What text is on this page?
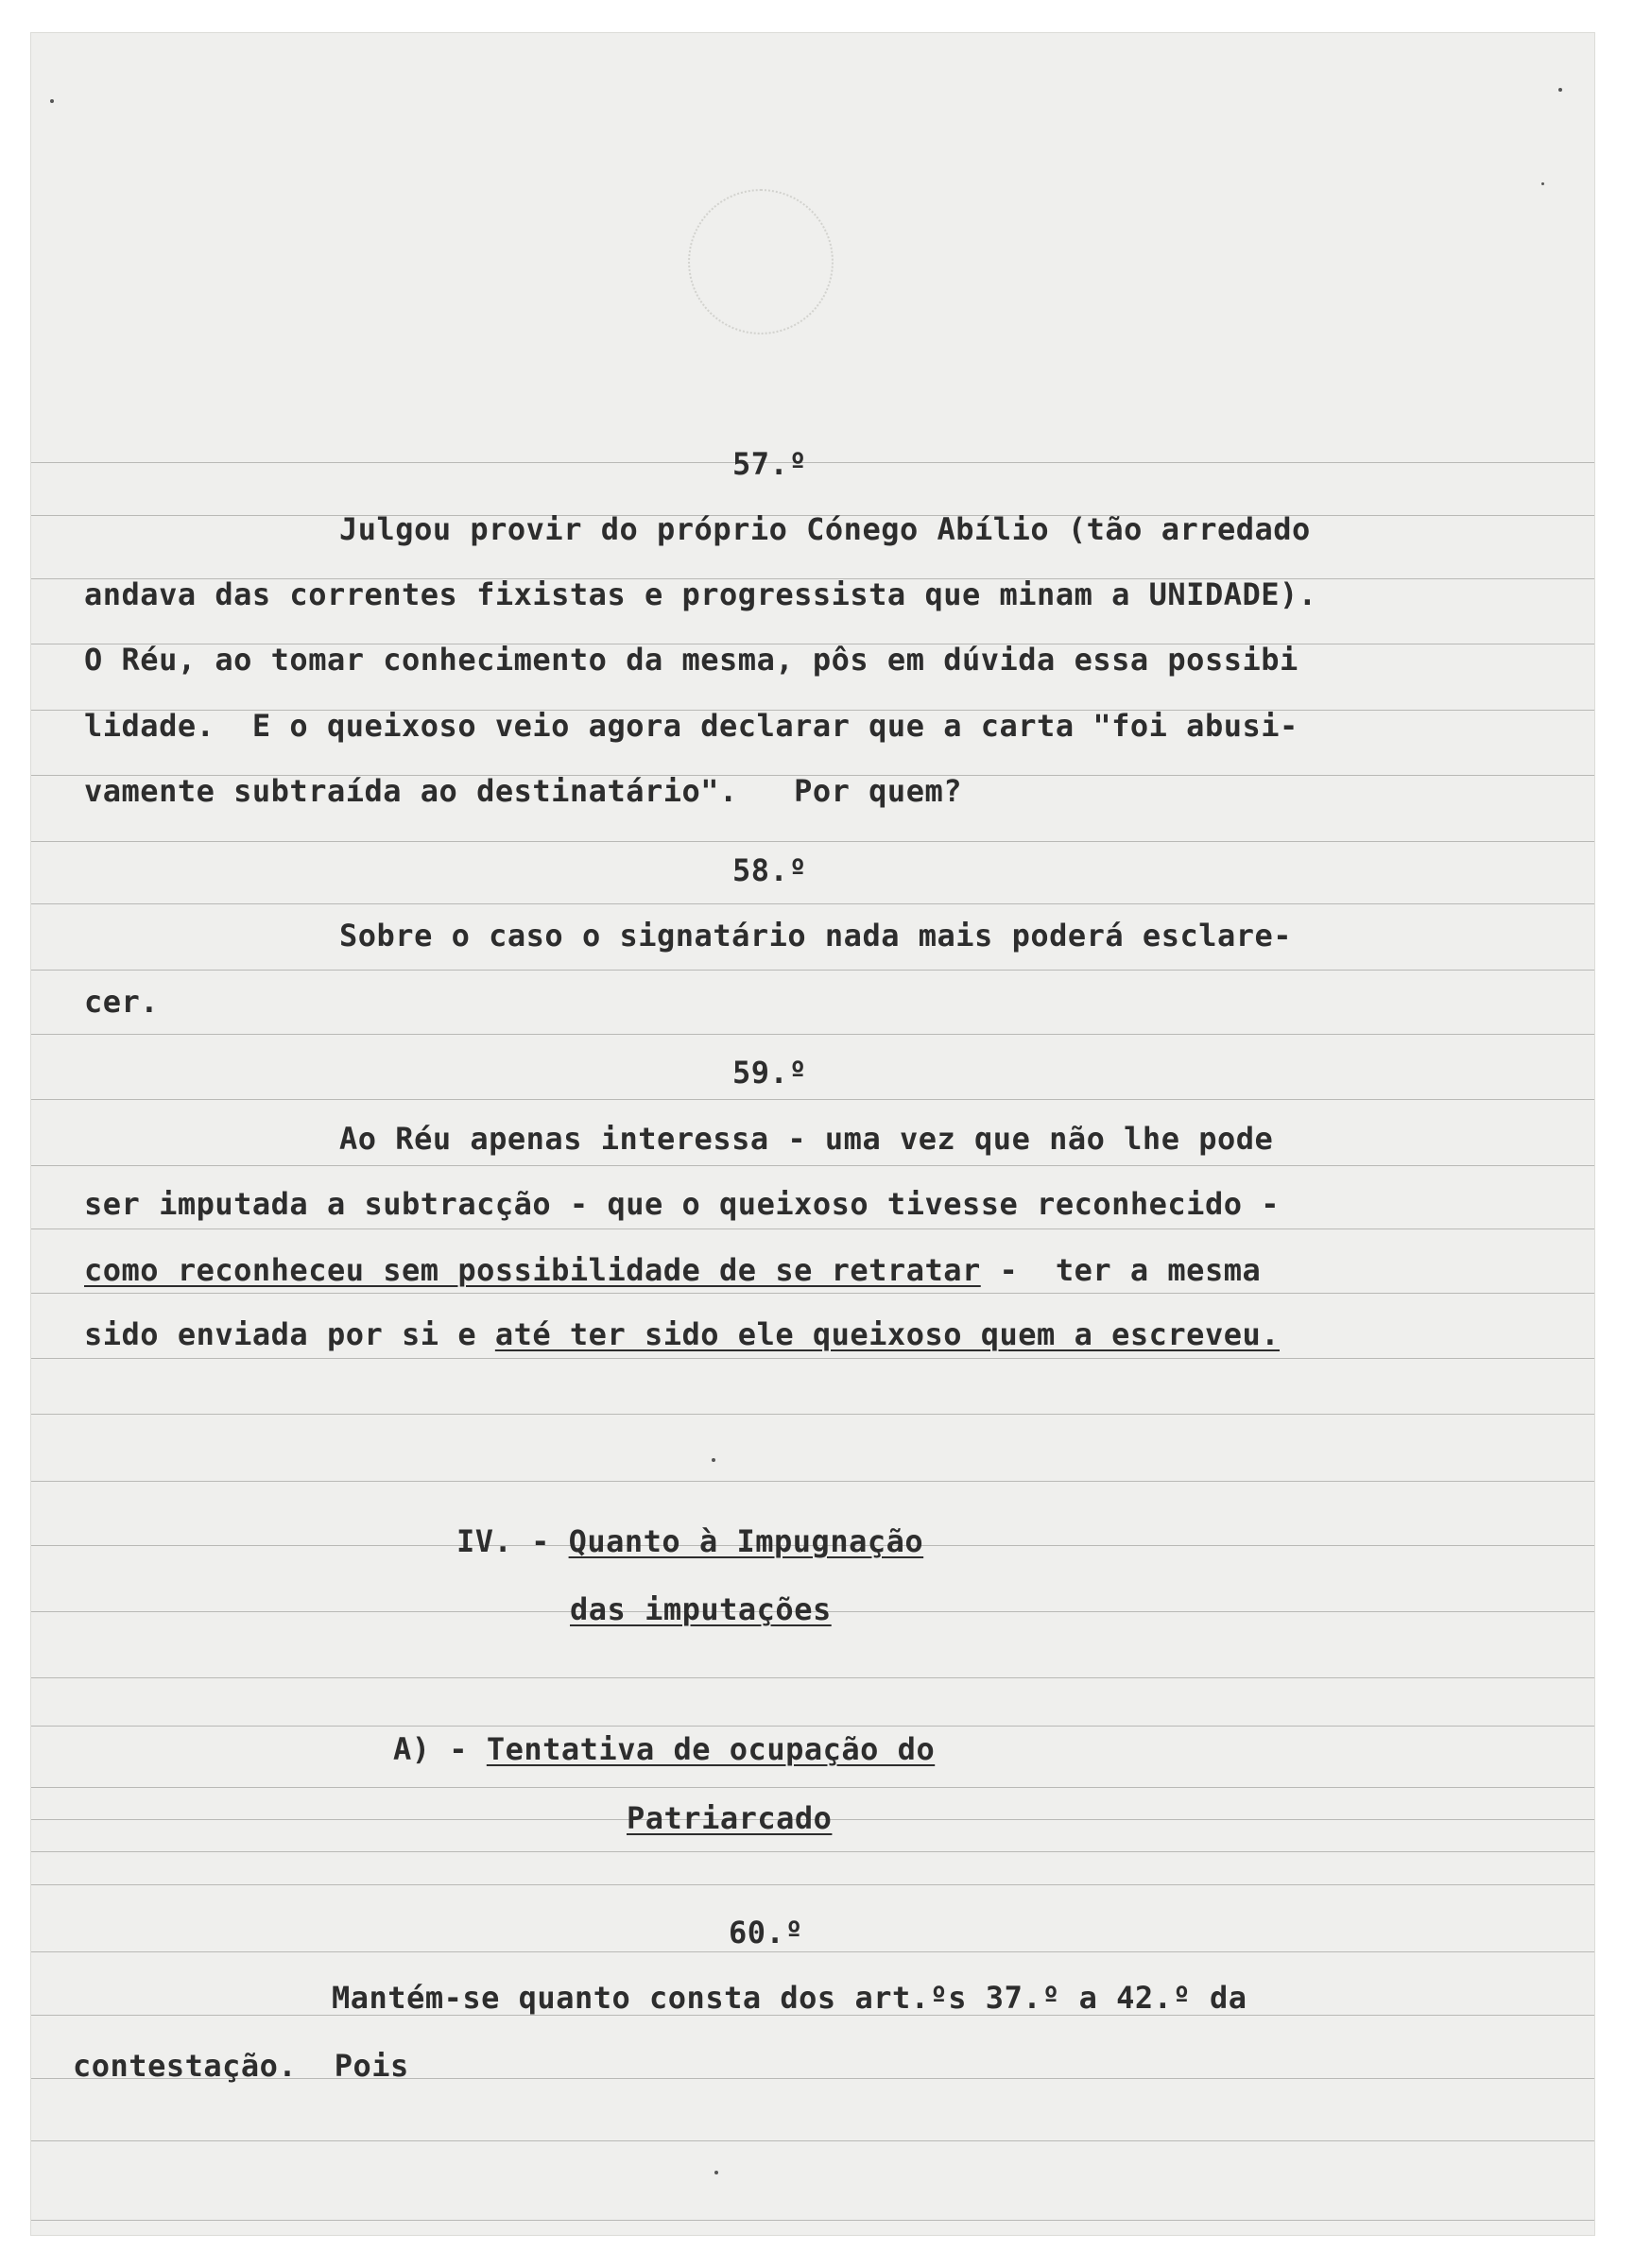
57.º
Julgou provir do próprio Cónego Abílio (tão arredado
andava das correntes fixistas e progressista que minam a UNIDADE).
O Réu, ao tomar conhecimento da mesma, pôs em dúvida essa possibi
lidade.  E o queixoso veio agora declarar que a carta "foi abusi-
vamente subtraída ao destinatário".   Por quem?
58.º
Sobre o caso o signatário nada mais poderá esclare-
cer.
59.º
Ao Réu apenas interessa - uma vez que não lhe pode
ser imputada a subtracção - que o queixoso tivesse reconhecido -
como reconheceu sem possibilidade de se retratar -  ter a mesma
sido enviada por si e até ter sido ele queixoso quem a escreveu.
IV. - Quanto à Impugnação
das imputações
A) - Tentativa de ocupação do
Patriarcado
60.º
Mantém-se quanto consta dos art.ºs 37.º a 42.º da
contestação.  Pois
